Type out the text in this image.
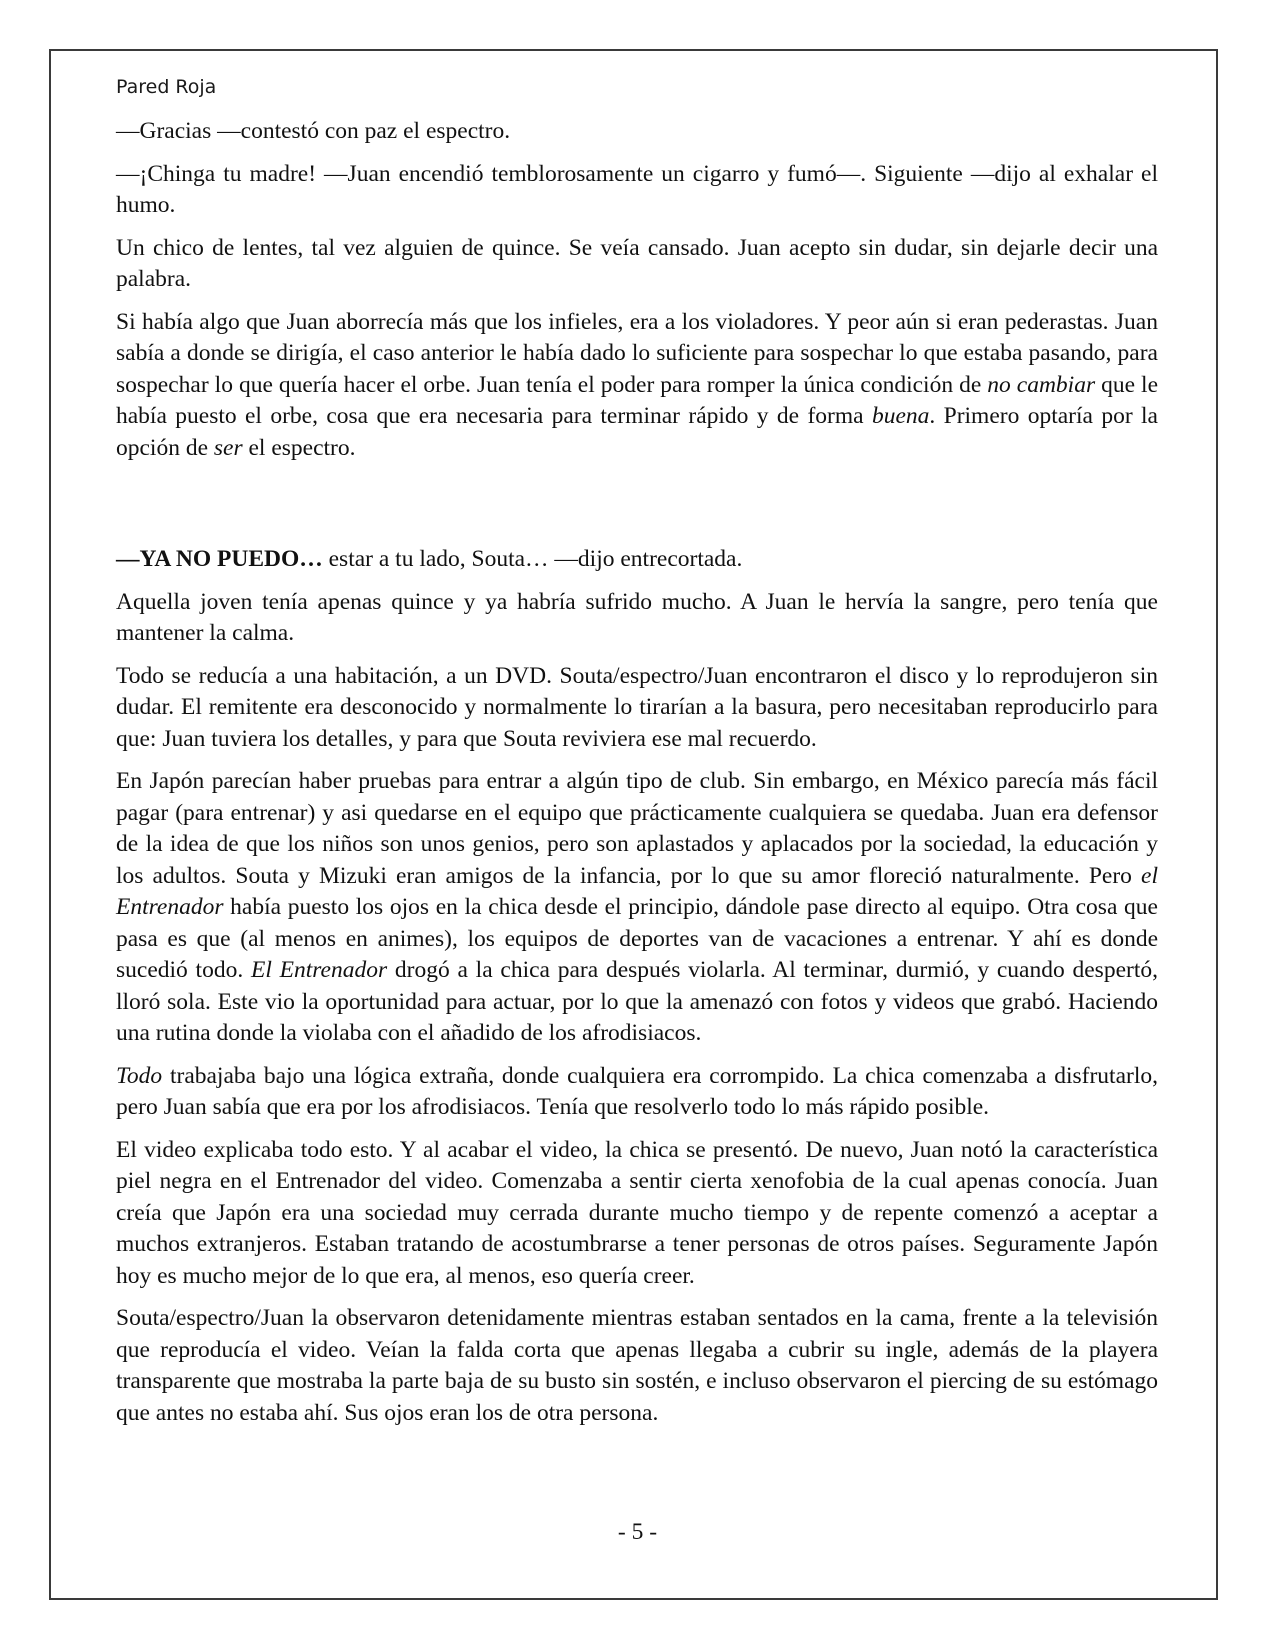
Pared Roja

—Gracias —contestó con paz el espectro.

—¡Chinga tu madre! —Juan encendió temblorosamente un cigarro y fumó—. Siguiente —dijo al exhalar el humo.

Un chico de lentes, tal vez alguien de quince. Se veía cansado. Juan acepto sin dudar, sin dejarle decir una palabra.

Si había algo que Juan aborrecía más que los infieles, era a los violadores. Y peor aún si eran pederastas. Juan sabía a donde se dirigía, el caso anterior le había dado lo suficiente para sospechar lo que estaba pasando, para sospechar lo que quería hacer el orbe. Juan tenía el poder para romper la única condición de no cambiar que le había puesto el orbe, cosa que era necesaria para terminar rápido y de forma buena. Primero optaría por la opción de ser el espectro.

—YA NO PUEDO… estar a tu lado, Souta… —dijo entrecortada.

Aquella joven tenía apenas quince y ya habría sufrido mucho. A Juan le hervía la sangre, pero tenía que mantener la calma.

Todo se reducía a una habitación, a un DVD. Souta/espectro/Juan encontraron el disco y lo reprodujeron sin dudar. El remitente era desconocido y normalmente lo tirarían a la basura, pero necesitaban reproducirlo para que: Juan tuviera los detalles, y para que Souta reviviera ese mal recuerdo.

En Japón parecían haber pruebas para entrar a algún tipo de club. Sin embargo, en México parecía más fácil pagar (para entrenar) y asi quedarse en el equipo que prácticamente cualquiera se quedaba. Juan era defensor de la idea de que los niños son unos genios, pero son aplastados y aplacados por la sociedad, la educación y los adultos. Souta y Mizuki eran amigos de la infancia, por lo que su amor floreció naturalmente. Pero el Entrenador había puesto los ojos en la chica desde el principio, dándole pase directo al equipo. Otra cosa que pasa es que (al menos en animes), los equipos de deportes van de vacaciones a entrenar. Y ahí es donde sucedió todo. El Entrenador drogó a la chica para después violarla. Al terminar, durmió, y cuando despertó, lloró sola. Este vio la oportunidad para actuar, por lo que la amenazó con fotos y videos que grabó. Haciendo una rutina donde la violaba con el añadido de los afrodisiacos.

Todo trabajaba bajo una lógica extraña, donde cualquiera era corrompido. La chica comenzaba a disfrutarlo, pero Juan sabía que era por los afrodisiacos. Tenía que resolverlo todo lo más rápido posible.

El video explicaba todo esto. Y al acabar el video, la chica se presentó. De nuevo, Juan notó la característica piel negra en el Entrenador del video. Comenzaba a sentir cierta xenofobia de la cual apenas conocía. Juan creía que Japón era una sociedad muy cerrada durante mucho tiempo y de repente comenzó a aceptar a muchos extranjeros. Estaban tratando de acostumbrarse a tener personas de otros países. Seguramente Japón hoy es mucho mejor de lo que era, al menos, eso quería creer.

Souta/espectro/Juan la observaron detenidamente mientras estaban sentados en la cama, frente a la televisión que reproducía el video. Veían la falda corta que apenas llegaba a cubrir su ingle, además de la playera transparente que mostraba la parte baja de su busto sin sostén, e incluso observaron el piercing de su estómago que antes no estaba ahí. Sus ojos eran los de otra persona.

- 5 -
